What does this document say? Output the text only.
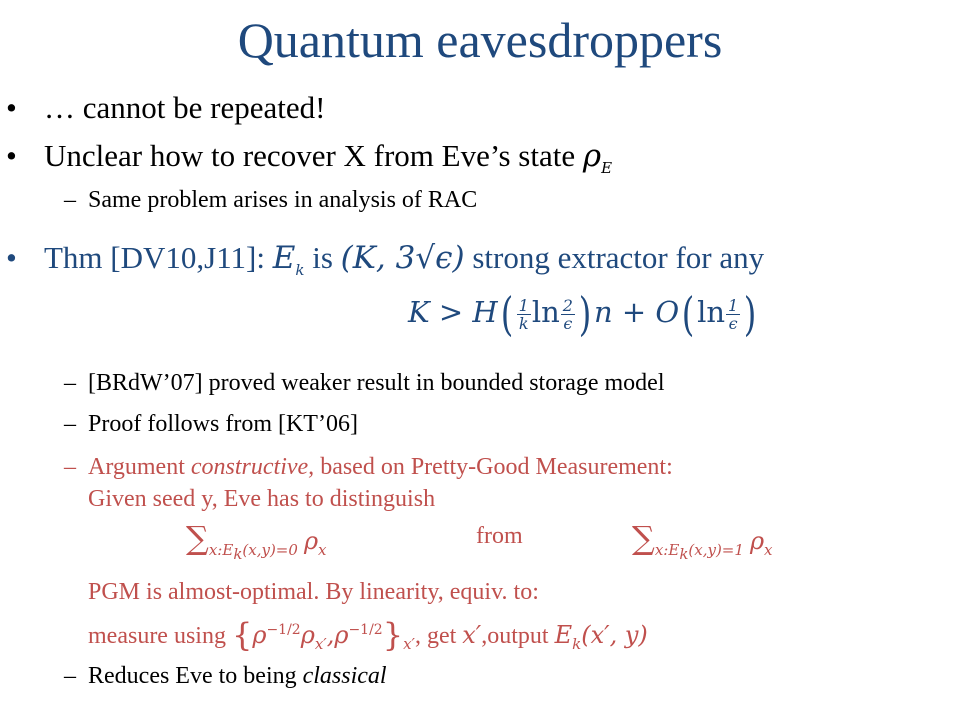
Quantum eavesdroppers
• … cannot be repeated!
• Unclear how to recover X from Eve’s state $\rho_E$
– Same problem arises in analysis of RAC
• Thm [DV10,J11]: $E_k$ is (K, 3√ϵ) strong extractor for any
$K > H( \frac{1}{k}$ $\ln \frac{2}{\epsilon} )n + O(\ln \frac{1}{\epsilon}$ )
– [BRdW’07] proved weaker result in bounded storage model
– Proof follows from [KT’06]
– Argument constructive, based on Pretty-Good Measurement:
Given seed y, Eve has to distinguish
$\sum_{x:E_k(x,y)=0}$ $\rho_x$
from	$\sum_{x:E_k(x,y)=1}$ $\rho_x$
PGM is almost-optimal. By linearity, equiv. to:
measure using $\{\rho^{-1/2}\rho_{x'},\rho^{-1/2}\}_{x'}$, get x′,output $E_k(x'$, y)
– Reduces Eve to being classical
